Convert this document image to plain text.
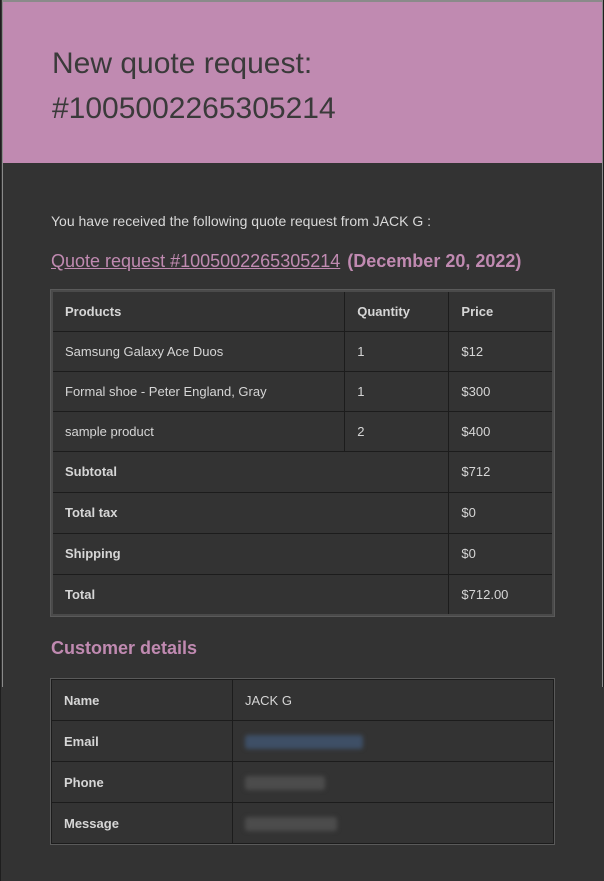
New quote request:
#1005002265305214
You have received the following quote request from JACK G :
Quote request #1005002265305214 (December 20, 2022)
Products	Quantity	Price
Samsung Galaxy Ace Duos	1	$12
Formal shoe - Peter England, Gray	1	$300
sample product	2	$400
Subtotal		$712
Total tax		$0
Shipping		$0
Total		$712.00
Customer details
Name	JACK G
Email	
Phone	
Message	
